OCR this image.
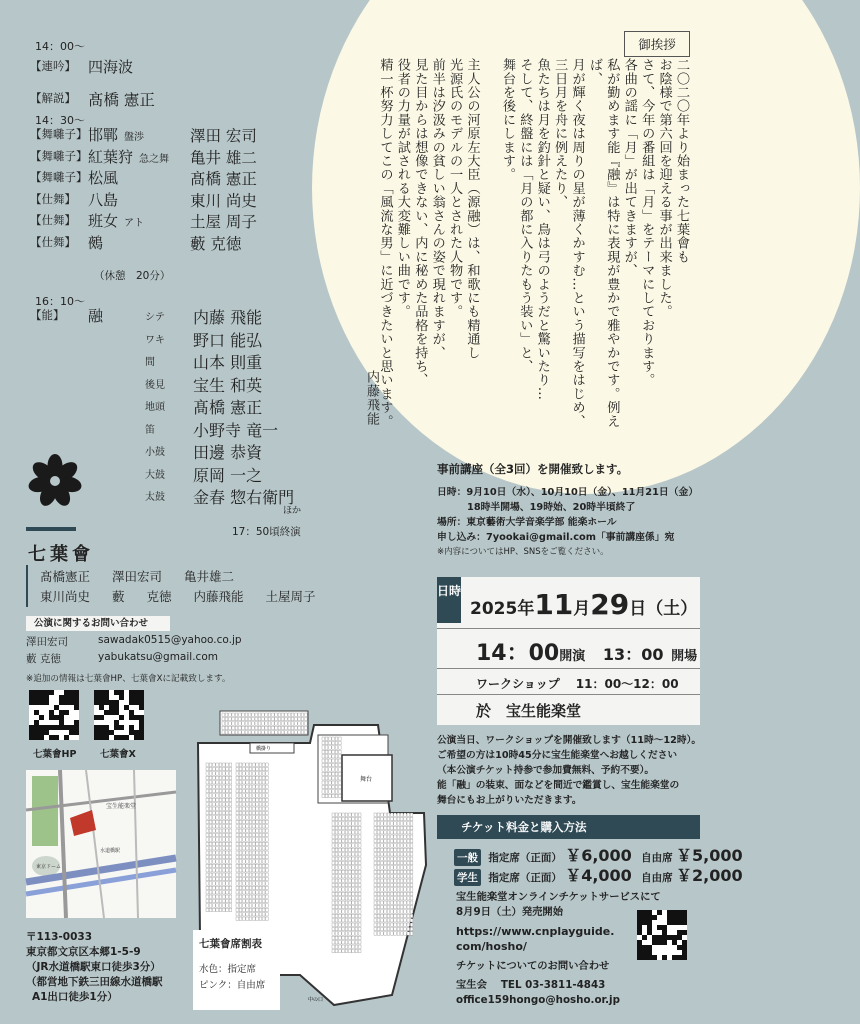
14：00～
【連吟】 四海波
【解説】 髙橋 憲正
14：30～
【舞囃子】 邯鄲 盤渉	澤田 宏司
【舞囃子】 紅葉狩 急之舞 亀井 雄二
【舞囃子】 松風	髙橋 憲正
【仕舞】 八島	東川 尚史
【仕舞】 班女 アト	土屋 周子
【仕舞】 鵺	藪 克徳
（休憩　20分）
16：10～
【能】 融	シテ 内藤 飛能
ワキ 野口 能弘
間 山本 則重
後見 宝生 和英
地頭 髙橋 憲正
笛 小野寺 竜一
小鼓 田邊 恭資
大鼓 原岡 一之
太鼓 金春 惣右衛門
ほか
17：50頃終演
七葉會
髙橋憲正 澤田宏司 亀井雄二
東川尚史 藪 克徳 内藤飛能 土屋周子
公演に関するお問い合わせ
澤田宏司	sawadak0515@yahoo.co.jp
藪 克徳	yabukatsu@gmail.com
※追加の情報は七葉會HP、七葉會Xに記載致します。
七葉會HP 七葉會X
宝生能楽堂
東京ドーム
水道橋駅
〒113-0033
東京都文京区本郷1-5-9
（JR水道橋駅東口徒歩3分）
（都営地下鉄三田線水道橋駅
A1出口徒歩1分）
舞台
橋掛り
中の口
七葉會席割表
水色：指定席
ピンク：自由席
御挨拶

二〇二〇年より始まった七葉會も

お陰様で第六回を迎える事が出来ました。

さて、今年の番組は「月」をテーマにしております。

各曲の謡に「月」が出てきますが、

私が勤めます能『融』は特に表現が豊かで雅やかです。例えば、

月が輝く夜は周りの星が薄くかすむ…という描写をはじめ、

三日月を舟に例えたり、

魚たちは月を釣針と疑い、鳥は弓のようだと驚いたり…

そして、終盤には「月の都に入りたもう装い」と、

舞台を後にします。

主人公の河原左大臣（源融）は、和歌にも精通し

光源氏のモデルの一人とされた人物です。

前半は汐汲みの貧しい翁さんの姿で現れますが、

見た目からは想像できない、内に秘めた品格を持ち、

役者の力量が試される大変難しい曲です。

精一杯努力してこの「風流な男」に近づきたいと思います。

内藤飛能
事前講座（全3回）を開催致します。
日時：9月10日（水）、10月10日（金）、11月21日（金）
18時半開場、19時始、20時半頃終了
場所：東京藝術大学音楽学部 能楽ホール
申し込み：7yookai@gmail.com「事前講座係」宛
※内容についてはHP、SNSをご覧ください。
日時
2025年11月29日（土）
14：00開演 13：00 開場
ワークショップ 11：00～12：00
於　宝生能楽堂
公演当日、ワークショップを開催致します（11時～12時）。
ご希望の方は10時45分に宝生能楽堂へお越しください
（本公演チケット持参で参加費無料、予約不要）。
能「融」の装束、面などを間近で鑑賞し、宝生能楽堂の
舞台にもお上がりいただきます。
チケット料金と購入方法
一般 指定席（正面） ￥6,000 自由席 ￥5,000
学生 指定席（正面） ￥4,000 自由席 ￥2,000
宝生能楽堂オンラインチケットサービスにて
8月9日（土）発売開始
https://www.cnplayguide.
com/hosho/
チケットについてのお問い合わせ
宝生会 TEL 03-3811-4843
office159hongo@hosho.or.jp
